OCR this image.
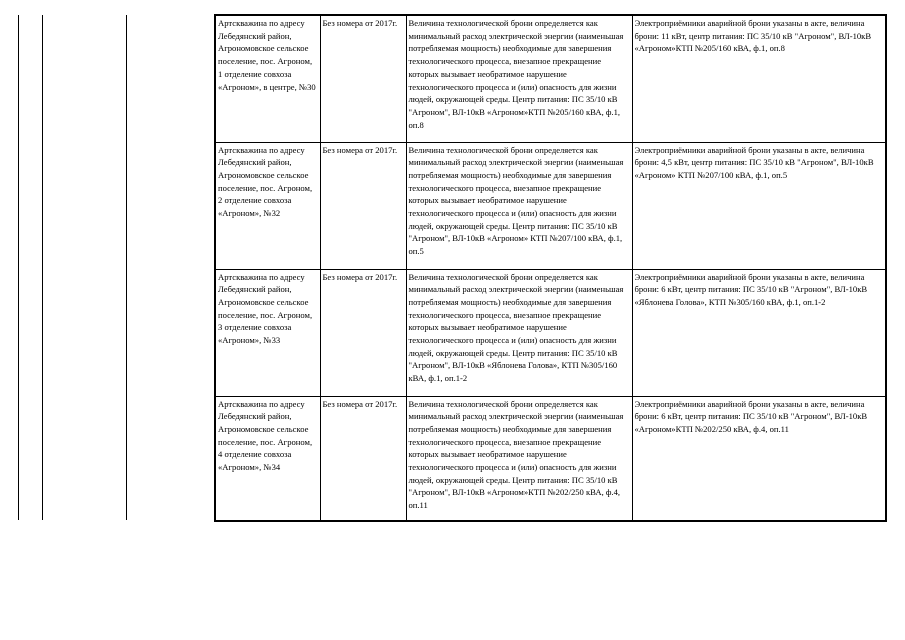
Артскважина по адресу Лебедянский район, Агрономовское сельское поселение, пос. Агроном, 1 отделение совхоза «Агроном», в центре, №30	Без номера от 2017г.	Величина технологической брони определяется как минимальный расход электрической энергии (наименьшая потребляемая мощность) необходимые для завершения технологического процесса, внезапное прекращение которых вызывает необратимое нарушение технологического процесса и (или) опасность для жизни людей, окружающей среды. Центр питания: ПС 35/10 кВ "Агроном", ВЛ-10кВ «Агроном»КТП №205/160 кВА, ф.1, оп.8	Электроприёмники аварийной брони указаны в акте, величина брони: 11 кВт, центр питания: ПС 35/10 кВ "Агроном", ВЛ-10кВ «Агроном»КТП №205/160 кВА, ф.1, оп.8
Артскважина по адресу Лебедянский район, Агрономовское сельское поселение, пос. Агроном, 2 отделение совхоза «Агроном», №32	Без номера от 2017г.	Величина технологической брони определяется как минимальный расход электрической энергии (наименьшая потребляемая мощность) необходимые для завершения технологического процесса, внезапное прекращение которых вызывает необратимое нарушение технологического процесса и (или) опасность для жизни людей, окружающей среды. Центр питания: ПС 35/10 кВ "Агроном", ВЛ-10кВ «Агроном» КТП №207/100 кВА, ф.1, оп.5	Электроприёмники аварийной брони указаны в акте, величина брони: 4,5 кВт, центр питания: ПС 35/10 кВ "Агроном", ВЛ-10кВ «Агроном» КТП №207/100 кВА, ф.1, оп.5
Артскважина по адресу Лебедянский район, Агрономовское сельское поселение, пос. Агроном, 3 отделение совхоза «Агроном», №33	Без номера от 2017г.	Величина технологической брони определяется как минимальный расход электрической энергии (наименьшая потребляемая мощность) необходимые для завершения технологического процесса, внезапное прекращение которых вызывает необратимое нарушение технологического процесса и (или) опасность для жизни людей, окружающей среды. Центр питания: ПС 35/10 кВ "Агроном", ВЛ-10кВ «Яблонева Голова», КТП №305/160 кВА, ф.1, оп.1-2	Электроприёмники аварийной брони указаны в акте, величина брони: 6 кВт, центр питания: ПС 35/10 кВ "Агроном", ВЛ-10кВ «Яблонева Голова», КТП №305/160 кВА, ф.1, оп.1-2
Артскважина по адресу Лебедянский район, Агрономовское сельское поселение, пос. Агроном, 4 отделение совхоза «Агроном», №34	Без номера от 2017г.	Величина технологической брони определяется как минимальный расход электрической энергии (наименьшая потребляемая мощность) необходимые для завершения технологического процесса, внезапное прекращение которых вызывает необратимое нарушение технологического процесса и (или) опасность для жизни людей, окружающей среды. Центр питания: ПС 35/10 кВ "Агроном", ВЛ-10кВ «Агроном»КТП №202/250 кВА, ф.4, оп.11	Электроприёмники аварийной брони указаны в акте, величина брони: 6 кВт, центр питания: ПС 35/10 кВ "Агроном", ВЛ-10кВ «Агроном»КТП №202/250 кВА, ф.4, оп.11
